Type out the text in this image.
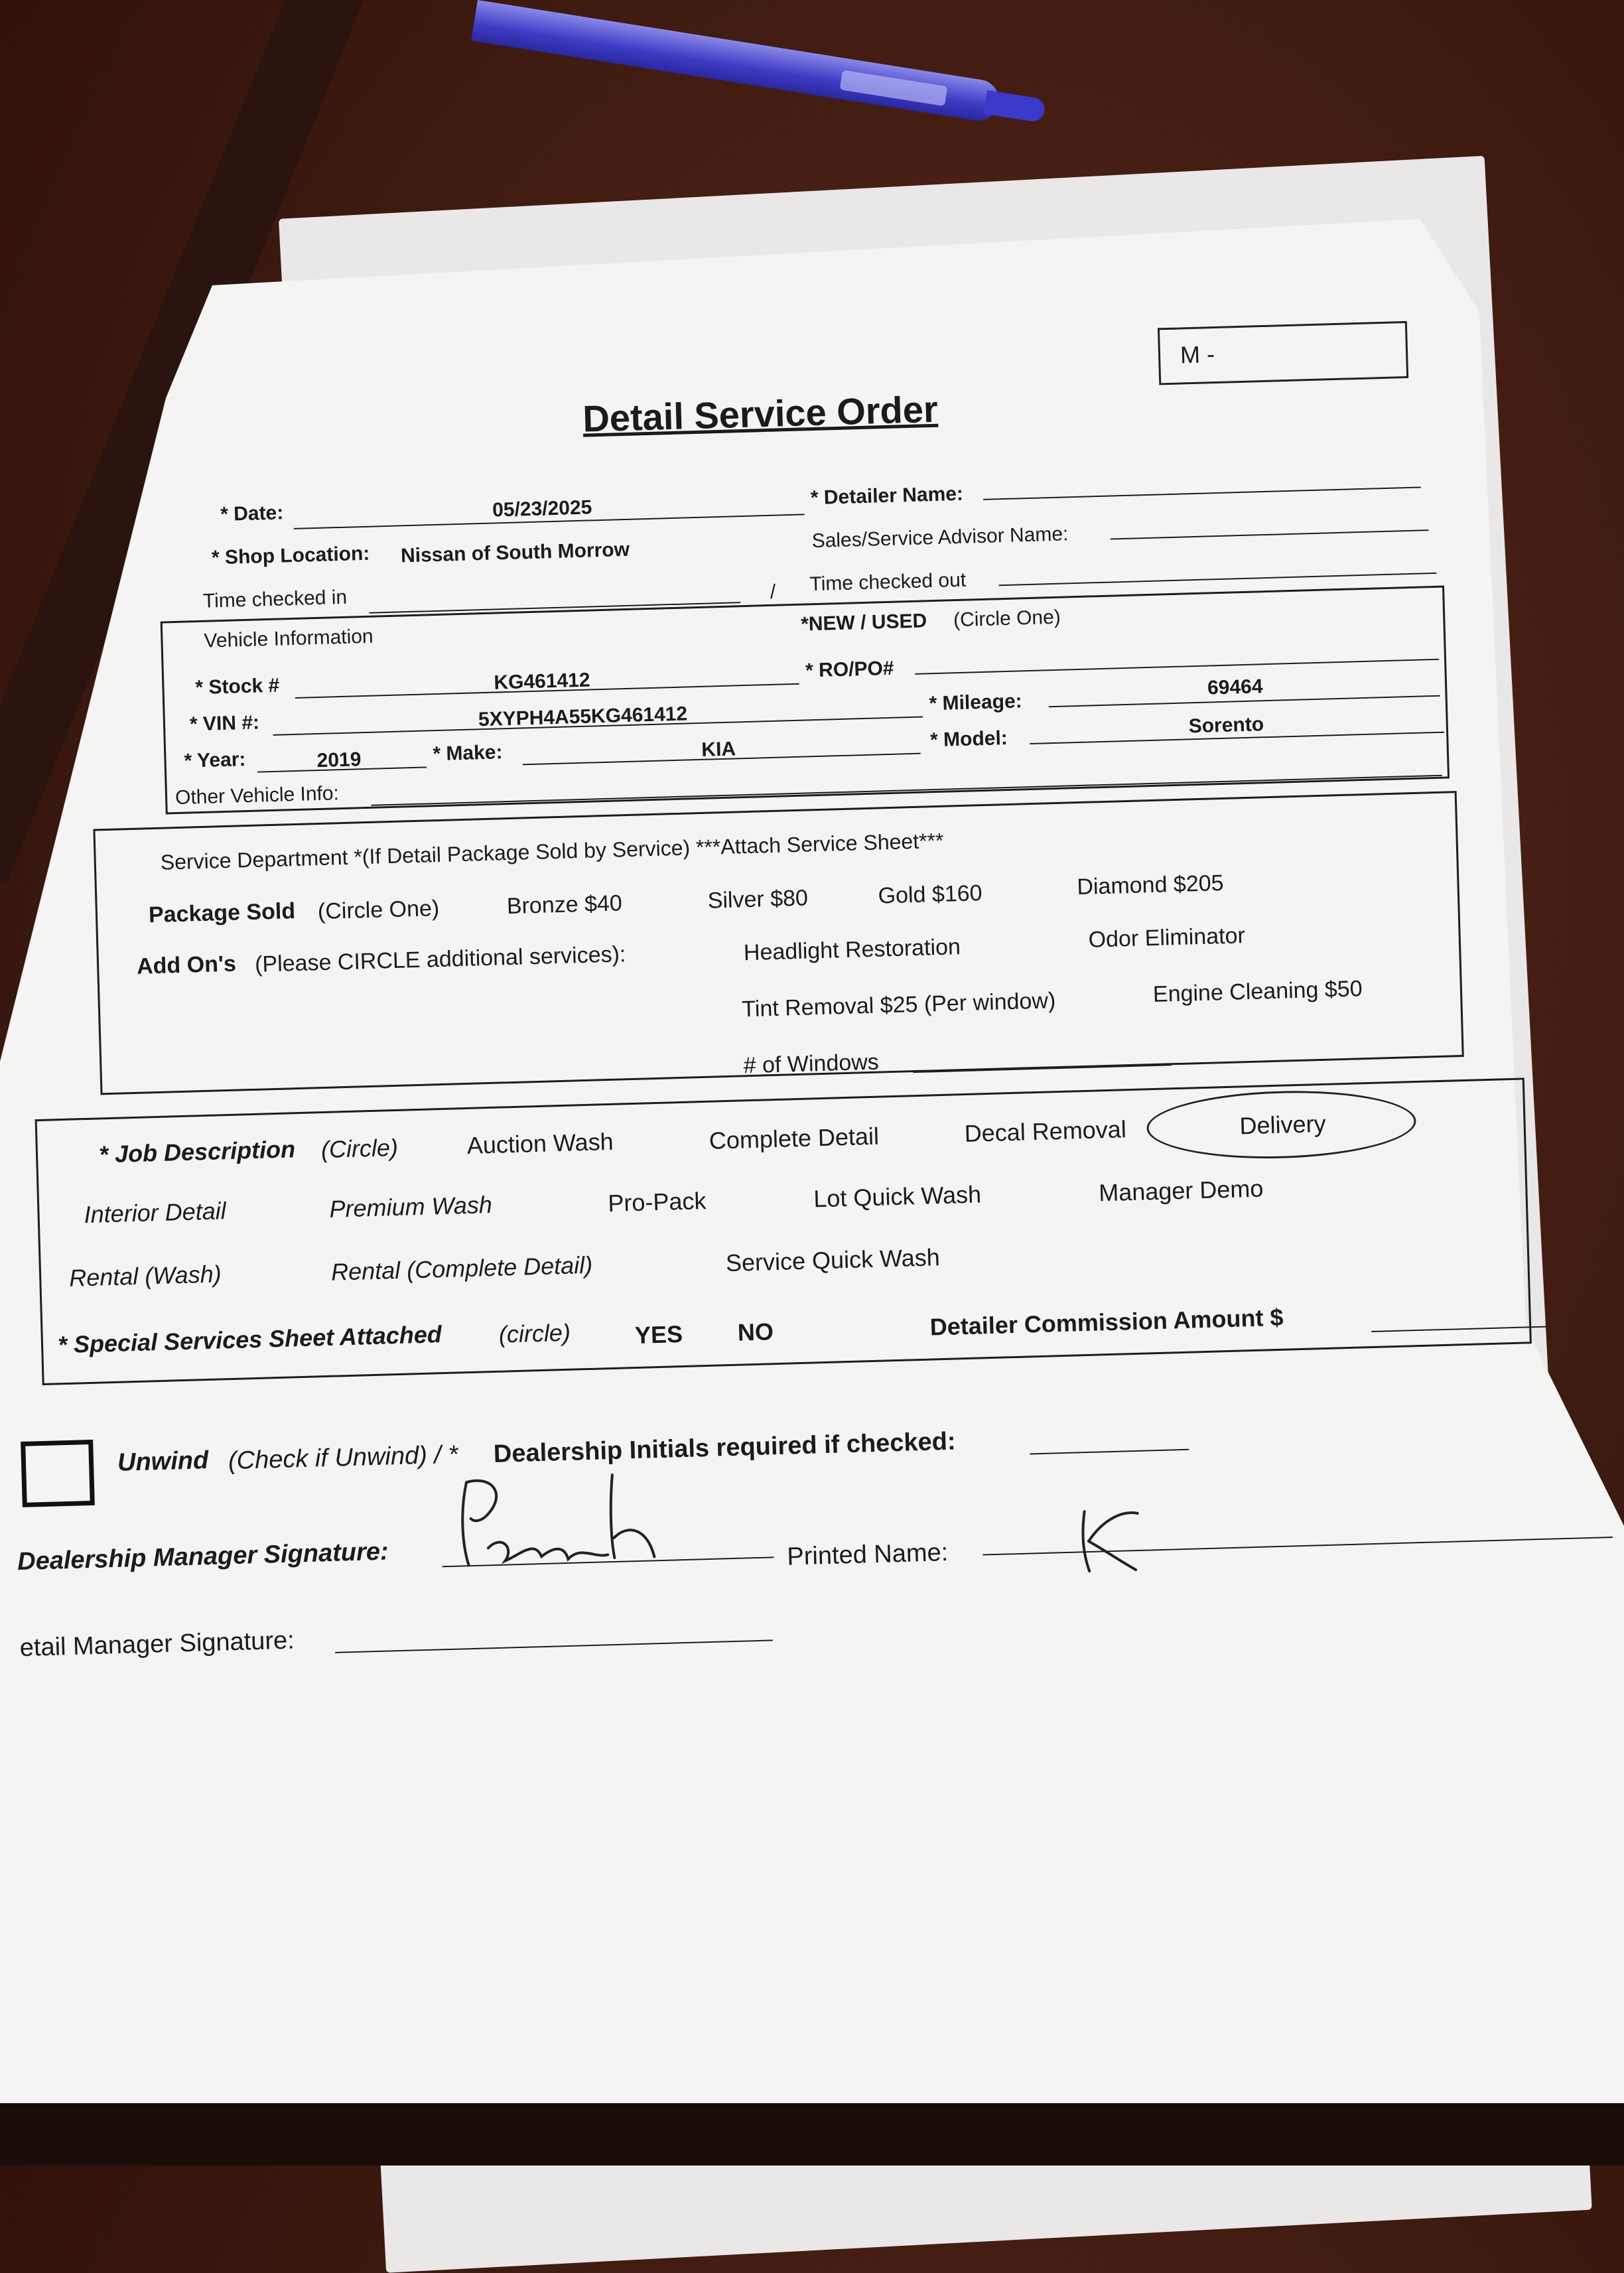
M -
Detail Service Order
* Date:	05/23/2025	* Detailer Name:
* Shop Location: Nissan of South Morrow
Sales/Service Advisor Name:
Time checked in	/ Time checked out
Vehicle Information
*NEW / USED (Circle One)
* Stock #	KG461412	* RO/PO#
* VIN #:	5XYPH4A55KG461412
* Mileage:
69464
* Year:	2019	* Make:	KIA	* Model:
Sorento
Other Vehicle Info:
Service Department *(If Detail Package Sold by Service) ***Attach Service Sheet***
Package Sold (Circle One)	Bronze $40	Silver $80	Gold $160	Diamond $205
Add On's (Please CIRCLE additional services):	Headlight Restoration	Odor Eliminator
Tint Removal $25 (Per window)	Engine Cleaning $50
# of Windows
* Job Description (Circle)	Auction Wash	Complete Detail	Decal Removal	Delivery
Interior Detail	Premium Wash	Pro-Pack	Lot Quick Wash	Manager Demo
Rental (Wash)	Rental (Complete Detail)	Service Quick Wash
* Special Services Sheet Attached (circle)	YES NO	Detailer Commission Amount $
Unwind (Check if Unwind) / * Dealership Initials required if checked:
Dealership Manager Signature:	Printed Name:
etail Manager Signature:
